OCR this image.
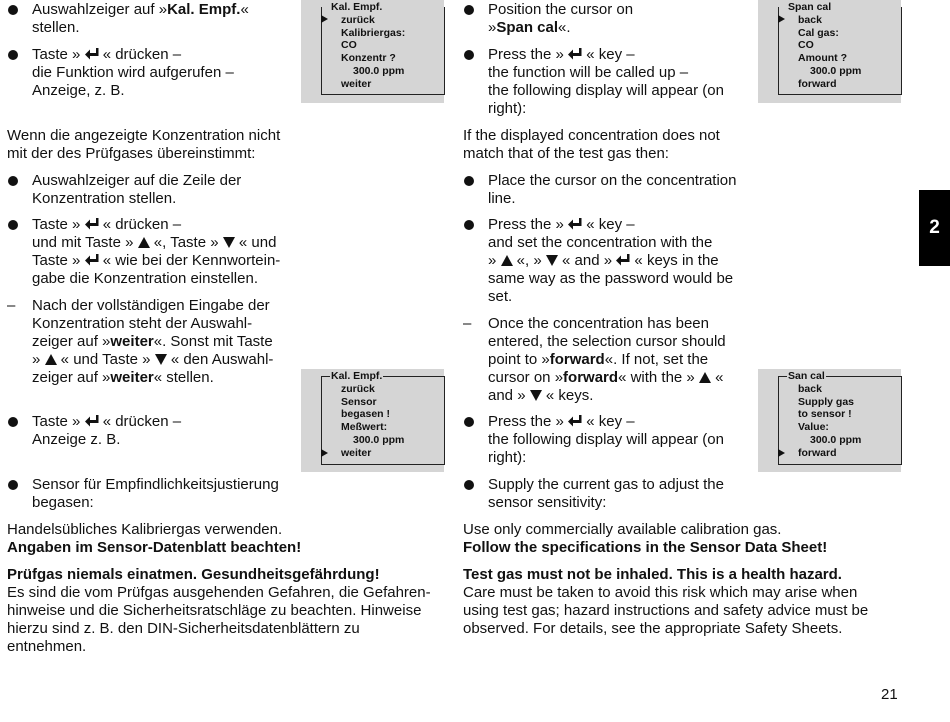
Auswahlzeiger auf »Kal. Empf.«
stellen.
Taste »  « drücken –
die Funktion wird aufgerufen –
Anzeige, z. B.
Wenn die angezeigte Konzentration nicht
mit der des Prüfgases übereinstimmt:
Auswahlzeiger auf die Zeile der
Konzentration stellen.
Taste »  « drücken –
und mit Taste »  «, Taste »  « und
Taste »  « wie bei der Kennwortein-
gabe die Konzentration einstellen.
–	Nach der vollständigen Eingabe der
Konzentration steht der Auswahl-
zeiger auf »weiter«. Sonst mit Taste
»  « und Taste »  « den Auswahl-
zeiger auf »weiter« stellen.
Taste »  « drücken –
Anzeige z. B.
Sensor für Empfindlichkeitsjustierung
begasen:
Handelsübliches Kalibriergas verwenden.
Angaben im Sensor-Datenblatt beachten!
Prüfgas niemals einatmen. Gesundheitsgefährdung!
Es sind die vom Prüfgas ausgehenden Gefahren, die Gefahren-
hinweise und die Sicherheitsratschläge zu beachten. Hinweise
hierzu sind z. B. den DIN-Sicherheitsdatenblättern zu
entnehmen.
Position the cursor on
»Span cal«.
Press the »  « key –
the function will be called up –
the following display will appear (on
right):
If the displayed concentration does not
match that of the test gas then:
Place the cursor on the concentration
line.
Press the »  « key –
and set the concentration with the
»  «, »  « and »  « keys in the
same way as the password would be
set.
–	Once the concentration has been
entered, the selection cursor should
point to »forward«. If not, set the
cursor on »forward« with the »  «
and »  « keys.
Press the »  « key –
the following display will appear (on
right):
Supply the current gas to adjust the
sensor sensitivity:
Use only commercially available calibration gas.
Follow the specifications in the Sensor Data Sheet!
Test gas must not be inhaled. This is a health hazard.
Care must be taken to avoid this risk which may arise when
using test gas; hazard instructions and safety advice must be
observed. For details, see the appropriate Safety Sheets.
Kal. Empf.
zurück
Kalibriergas:
CO
Konzentr ?
300.0 ppm
weiter
Span cal
back
Cal gas:
CO
Amount ?
300.0 ppm
forward
Kal. Empf.
zurück
Sensor
begasen !
Meßwert:
300.0 ppm
weiter
San cal
back
Supply gas
to sensor !
Value:
300.0 ppm
forward
2
21
